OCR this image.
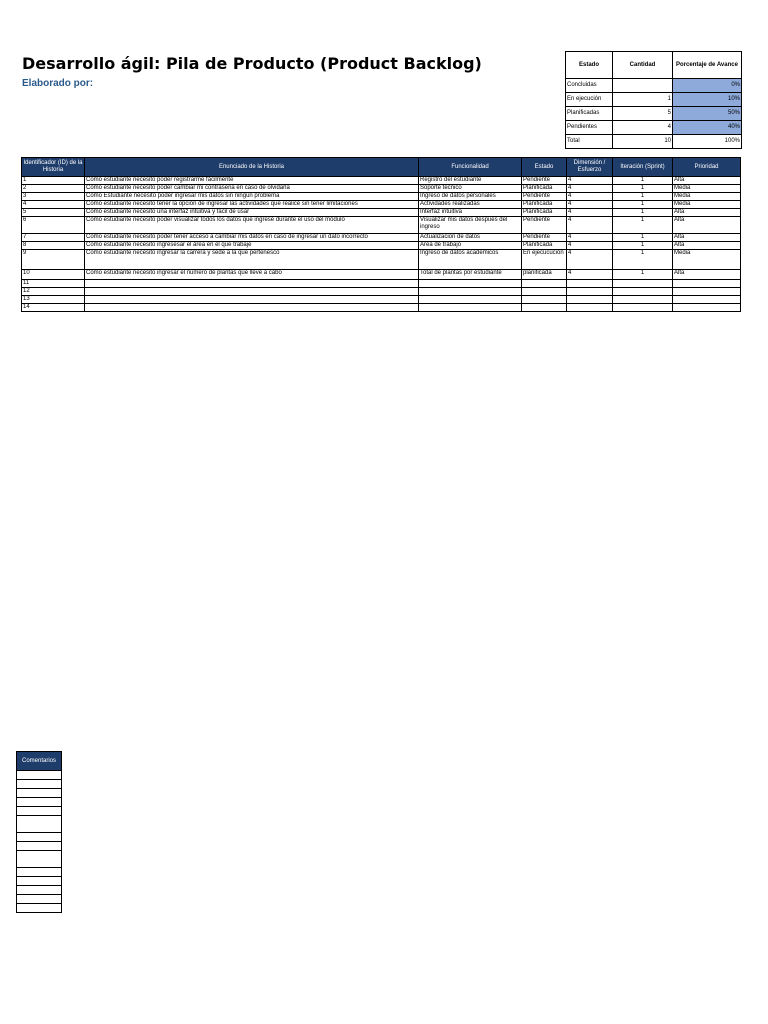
Desarrollo ágil: Pila de Producto (Product Backlog)
Elaborado por:
Estado	Cantidad	Porcentaje de Avance
Concluidas		0%
En ejecución	1	10%
Planificadas	5	50%
Pendientes	4	40%
Total	10	100%
Identificador (ID) de la Historia	Enunciado de la Historia	Funcionalidad	Estado	Dimensión / Esfuerzo	Iteración (Sprint)	Prioridad
1	Como estudiante necesito poder registrarme fácilmente	Registro del estudiante	Pendiente	4	1	Alta
2	Como estudiante necesito poder cambiar mi contraseña en caso de olvidarla	Soporte tecnico	Planificada	4	1	Media
3	Como Estudiante necesito poder ingresar mis datos sin ningun problema	Ingreso de datos personales	Pendiente	4	1	Media
4	Como estudiante necesito tener la opción de ingresar las actividades que realicé sin tener limitaciones	Actividades realizadas	Planificada	4	1	Media
5	Como estudiante necesito una interfaz intuitiva y facil de usar	Interfaz intuitiva	Planificada	4	1	Alta
6	Como estudiante necesito poder visualizar todos los datos que ingresé durante el uso del módulo	Visualizar mis datos despues del ingreso	Pendiente	4	1	Alta
7	Como estudiante necesito poder tener acceso a cambiar mis datos en caso de ingresar un dato incorrecto	Actualizacion de datos	Pendiente	4	1	Alta
8	Como estudiante necesito ingresesar el área en el que trabaje	Area de trabajo	Planificada	4	1	Alta
9	Como estudiante necesito ingresar la carrera y sede a la que pertenesco	Ingreso de datos academicos	En ejecucución	4	1	Media
10	Como estudiante necesito ingresar el numero de plantas que lleve a cabo	Total de plantas por estudiante	planificada	4	1	Alta
11						
12						
13						
14						
Comentarios
